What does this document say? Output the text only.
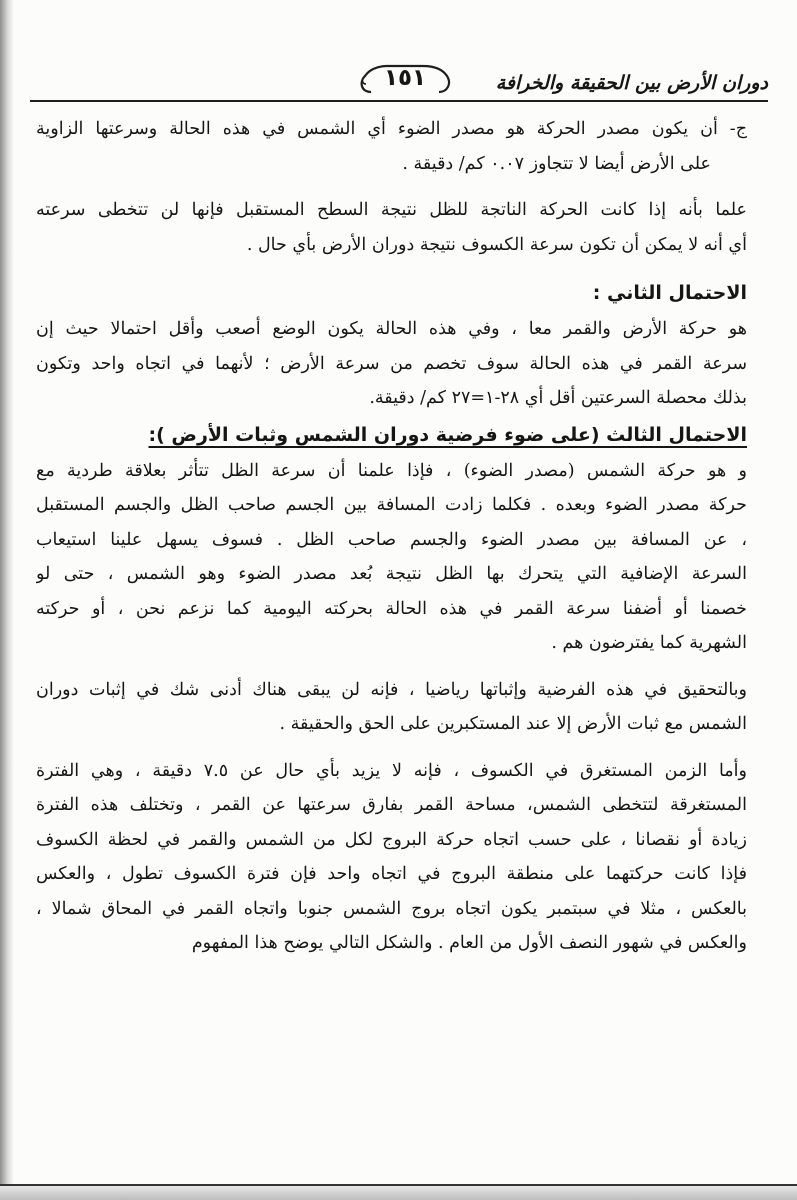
دوران الأرض بين الحقيقة والخرافة
١٥١
ج- أن يكون مصدر الحركة هو مصدر الضوء أي الشمس في هذه الحالة وسرعتها الزاوية
على الأرض أيضا لا تتجاوز ٠.٠٧ كم/ دقيقة .
علما بأنه إذا كانت الحركة الناتجة للظل نتيجة السطح المستقبل فإنها لن تتخطى سرعته
أي أنه لا يمكن أن تكون سرعة الكسوف نتيجة دوران الأرض بأي حال .
الاحتمال الثاني :
هو حركة الأرض والقمر معا ، وفي هذه الحالة يكون الوضع أصعب وأقل احتمالا حيث إن
سرعة القمر في هذه الحالة سوف تخصم من سرعة الأرض ؛ لأنهما في اتجاه واحد وتكون
بذلك محصلة السرعتين أقل أي ٢٨-١=٢٧ كم/ دقيقة.
الاحتمال الثالث (على ضوء فرضية دوران الشمس وثبات الأرض ):
و هو حركة الشمس (مصدر الضوء) ، فإذا علمنا أن سرعة الظل تتأثر بعلاقة طردية مع
حركة مصدر الضوء وبعده . فكلما زادت المسافة بين الجسم صاحب الظل والجسم المستقبل
، عن المسافة بين مصدر الضوء والجسم صاحب الظل . فسوف يسهل علينا استيعاب
السرعة الإضافية التي يتحرك بها الظل نتيجة بُعد مصدر الضوء وهو الشمس ، حتى لو
خصمنا أو أضفنا سرعة القمر في هذه الحالة بحركته اليومية كما نزعم نحن ، أو حركته
الشهرية كما يفترضون هم .
وبالتحقيق في هذه الفرضية وإثباتها رياضيا ، فإنه لن يبقى هناك أدنى شك في إثبات دوران
الشمس مع ثبات الأرض إلا عند المستكبرين على الحق والحقيقة .
وأما الزمن المستغرق في الكسوف ، فإنه لا يزيد بأي حال عن ٧.٥ دقيقة ، وهي الفترة
المستغرقة لتتخطى الشمس، مساحة القمر بفارق سرعتها عن القمر ، وتختلف هذه الفترة
زيادة أو نقصانا ، على حسب اتجاه حركة البروج لكل من الشمس والقمر في لحظة الكسوف
فإذا كانت حركتهما على منطقة البروج في اتجاه واحد فإن فترة الكسوف تطول ، والعكس
بالعكس ، مثلا في سبتمبر يكون اتجاه بروج الشمس جنوبا واتجاه القمر في المحاق شمالا ،
والعكس في شهور النصف الأول من العام . والشكل التالي يوضح هذا المفهوم
